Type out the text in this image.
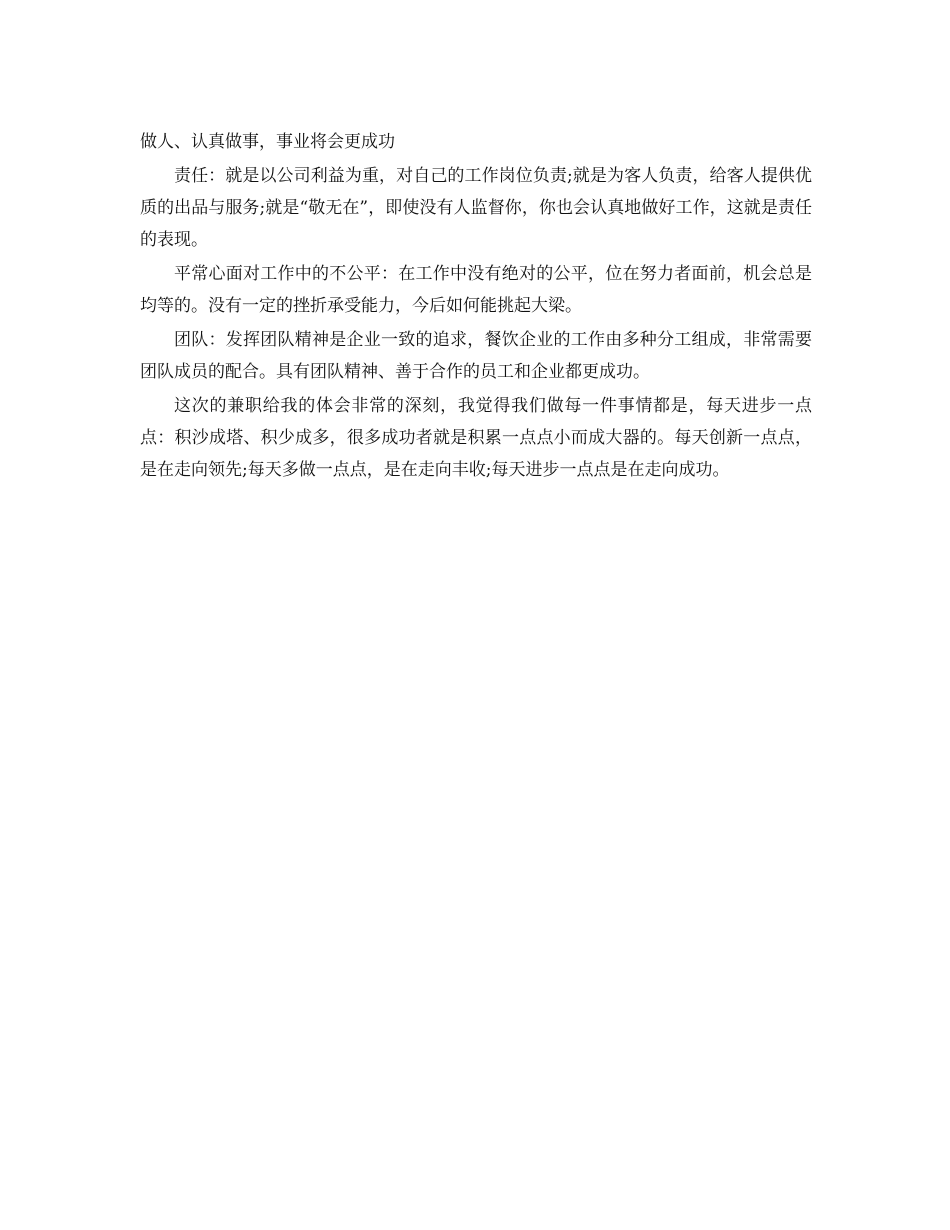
做人、认真做事，事业将会更成功

责任：就是以公司利益为重，对自己的工作岗位负责;就是为客人负责，给客人提供优质的出品与服务;就是“敬无在”，即使没有人监督你，你也会认真地做好工作，这就是责任的表现。

平常心面对工作中的不公平：在工作中没有绝对的公平，位在努力者面前，机会总是均等的。没有一定的挫折承受能力，今后如何能挑起大梁。

团队：发挥团队精神是企业一致的追求，餐饮企业的工作由多种分工组成，非常需要团队成员的配合。具有团队精神、善于合作的员工和企业都更成功。

这次的兼职给我的体会非常的深刻，我觉得我们做每一件事情都是，每天进步一点点：积沙成塔、积少成多，很多成功者就是积累一点点小而成大器的。每天创新一点点，是在走向领先;每天多做一点点，是在走向丰收;每天进步一点点是在走向成功。
